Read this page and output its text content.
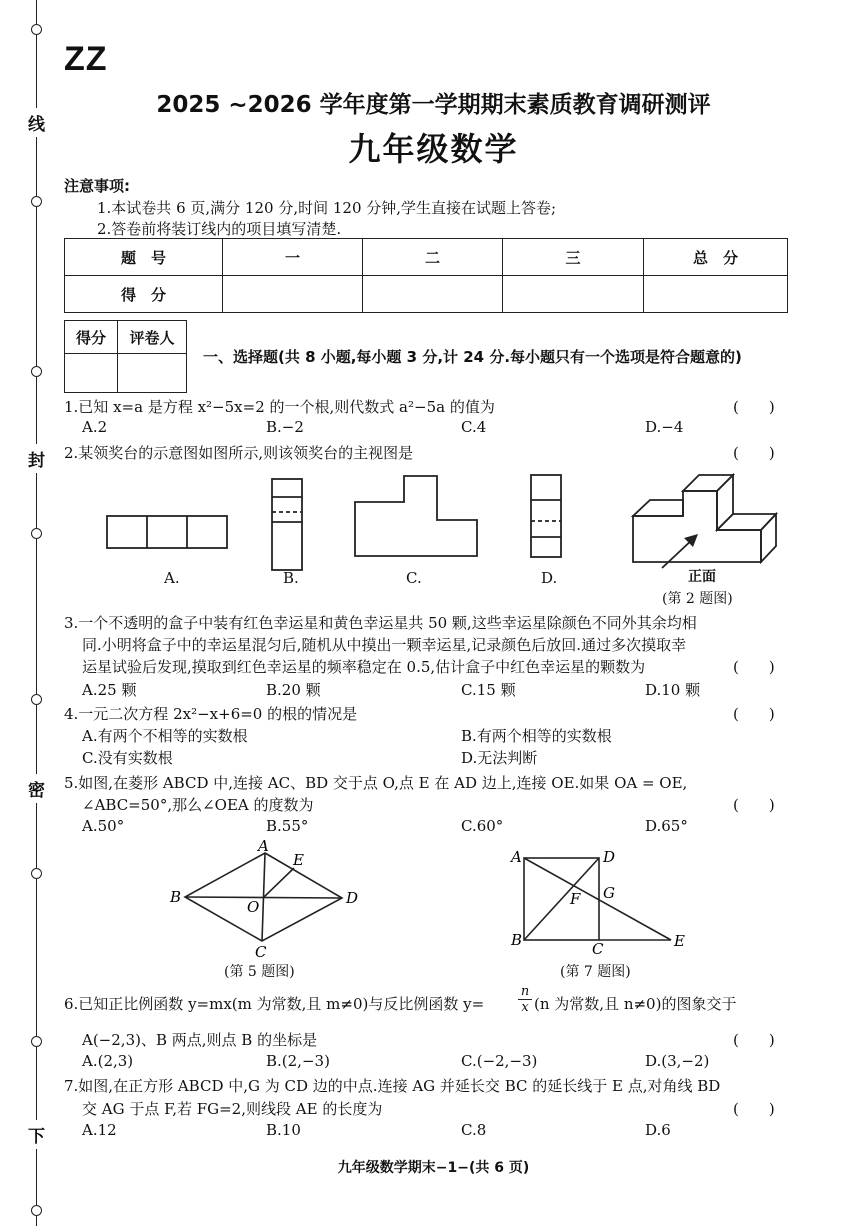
线
封
密
下
ZZ
2025 ~2026 学年度第一学期期末素质教育调研测评
九年级数学
注意事项:
1.本试卷共 6 页,满分 120 分,时间 120 分钟,学生直接在试题上答卷;
2.答卷前将装订线内的项目填写清楚.
题　号	一	二	三	总　分
得　分				
得分	评卷人

一、选择题(共 8 小题,每小题 3 分,计 24 分.每小题只有一个选项是符合题意的)
1.已知 x=a 是方程 x²−5x=2 的一个根,则代数式 a²−5a 的值为	(　　)
A.2	B.−2	C.4	D.−4
2.某领奖台的示意图如图所示,则该领奖台的主视图是	(　　)
A.	B.	C.	D.	正面
(第 2 题图)
3.一个不透明的盒子中装有红色幸运星和黄色幸运星共 50 颗,这些幸运星除颜色不同外其余均相
同.小明将盒子中的幸运星混匀后,随机从中摸出一颗幸运星,记录颜色后放回.通过多次摸取幸
运星试验后发现,摸取到红色幸运星的频率稳定在 0.5,估计盒子中红色幸运星的颗数为	(　　)
A.25 颗	B.20 颗	C.15 颗	D.10 颗
4.一元二次方程 2x²−x+6=0 的根的情况是	(　　)
A.有两个不相等的实数根	B.有两个相等的实数根
C.没有实数根	D.无法判断
5.如图,在菱形 ABCD 中,连接 AC、BD 交于点 O,点 E 在 AD 边上,连接 OE.如果 OA = OE,
∠ABC=50°,那么∠OEA 的度数为	(　　)
A.50°	B.55°	C.60°	D.65°
A
B
C
D
O
E
(第 5 题图)
A	D
B	C	E
F G
(第 7 题图)
6.已知正比例函数 y=mx(m 为常数,且 m≠0)与反比例函数 y=	$\frac{n}{x} (n$ 为常数,且 n≠0)的图象交于
A(−2,3)、B 两点,则点 B 的坐标是	(　　)
A.(2,3)	B.(2,−3)	C.(−2,−3)	D.(3,−2)
7.如图,在正方形 ABCD 中,G 为 CD 边的中点.连接 AG 并延长交 BC 的延长线于 E 点,对角线 BD
交 AG 于点 F,若 FG=2,则线段 AE 的长度为	(　　)
A.12	B.10	C.8	D.6
九年级数学期末−1−(共 6 页)
